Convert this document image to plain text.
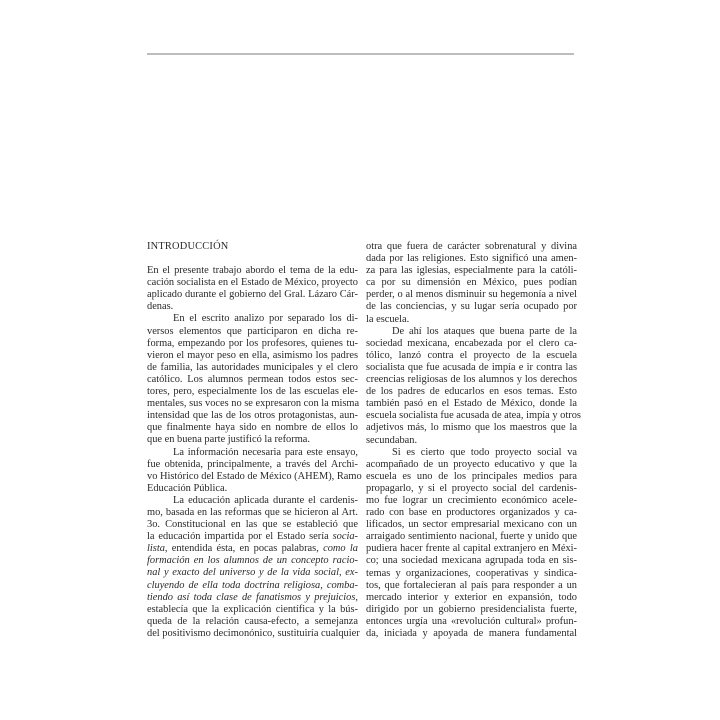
INTRODUCCIÓN
En el presente trabajo abordo el tema de la edu-
cación socialista en el Estado de México, proyecto
aplicado durante el gobierno del Gral. Lázaro Cár-
denas.
En el escrito analizo por separado los di-
versos elementos que participaron en dicha re-
forma, empezando por los profesores, quienes tu-
vieron el mayor peso en ella, asimismo los padres
de familia, las autoridades municipales y el clero
católico. Los alumnos permean todos estos sec-
tores, pero, especialmente los de las escuelas ele-
mentales, sus voces no se expresaron con la misma
intensidad que las de los otros protagonistas, aun-
que finalmente haya sido en nombre de ellos lo
que en buena parte justificó la reforma.
La información necesaria para este ensayo,
fue obtenida, principalmente, a través del Archi-
vo Histórico del Estado de México (AHEM), Ramo
Educación Pública.
La educación aplicada durante el cardenis-
mo, basada en las reformas que se hicieron al Art.
3o. Constitucional en las que se estableció que
la educación impartida por el Estado sería socia-
lista, entendida ésta, en pocas palabras, como la
formación en los alumnos de un concepto racio-
nal y exacto del universo y de la vida social, ex-
cluyendo de ella toda doctrina religiosa, comba-
tiendo así toda clase de fanatismos y prejuicios,
establecía que la explicación científica y la bús-
queda de la relación causa-efecto, a semejanza
del positivismo decimonónico, sustituiría cualquier
otra que fuera de carácter sobrenatural y divina
dada por las religiones. Esto significó una amen-
za para las iglesias, especialmente para la católi-
ca por su dimensión en México, pues podían
perder, o al menos disminuir su hegemonía a nivel
de las conciencias, y su lugar sería ocupado por
la escuela.
De ahí los ataques que buena parte de la
sociedad mexicana, encabezada por el clero ca-
tólico, lanzó contra el proyecto de la escuela
socialista que fue acusada de impía e ir contra las
creencias religiosas de los alumnos y los derechos
de los padres de educarlos en esos temas. Esto
también pasó en el Estado de México, donde la
escuela socialista fue acusada de atea, impía y otros
adjetivos más, lo mismo que los maestros que la
secundaban.
Si es cierto que todo proyecto social va
acompañado de un proyecto educativo y que la
escuela es uno de los principales medios para
propagarlo, y si el proyecto social del cardenis-
mo fue lograr un crecimiento económico acele-
rado con base en productores organizados y ca-
lificados, un sector empresarial mexicano con un
arraigado sentimiento nacional, fuerte y unido que
pudiera hacer frente al capital extranjero en Méxi-
co; una sociedad mexicana agrupada toda en sis-
temas y organizaciones, cooperativas y sindica-
tos, que fortalecieran al país para responder a un
mercado interior y exterior en expansión, todo
dirigido por un gobierno presidencialista fuerte,
entonces urgía una «revolución cultural» profun-
da, iniciada y apoyada de manera fundamental
